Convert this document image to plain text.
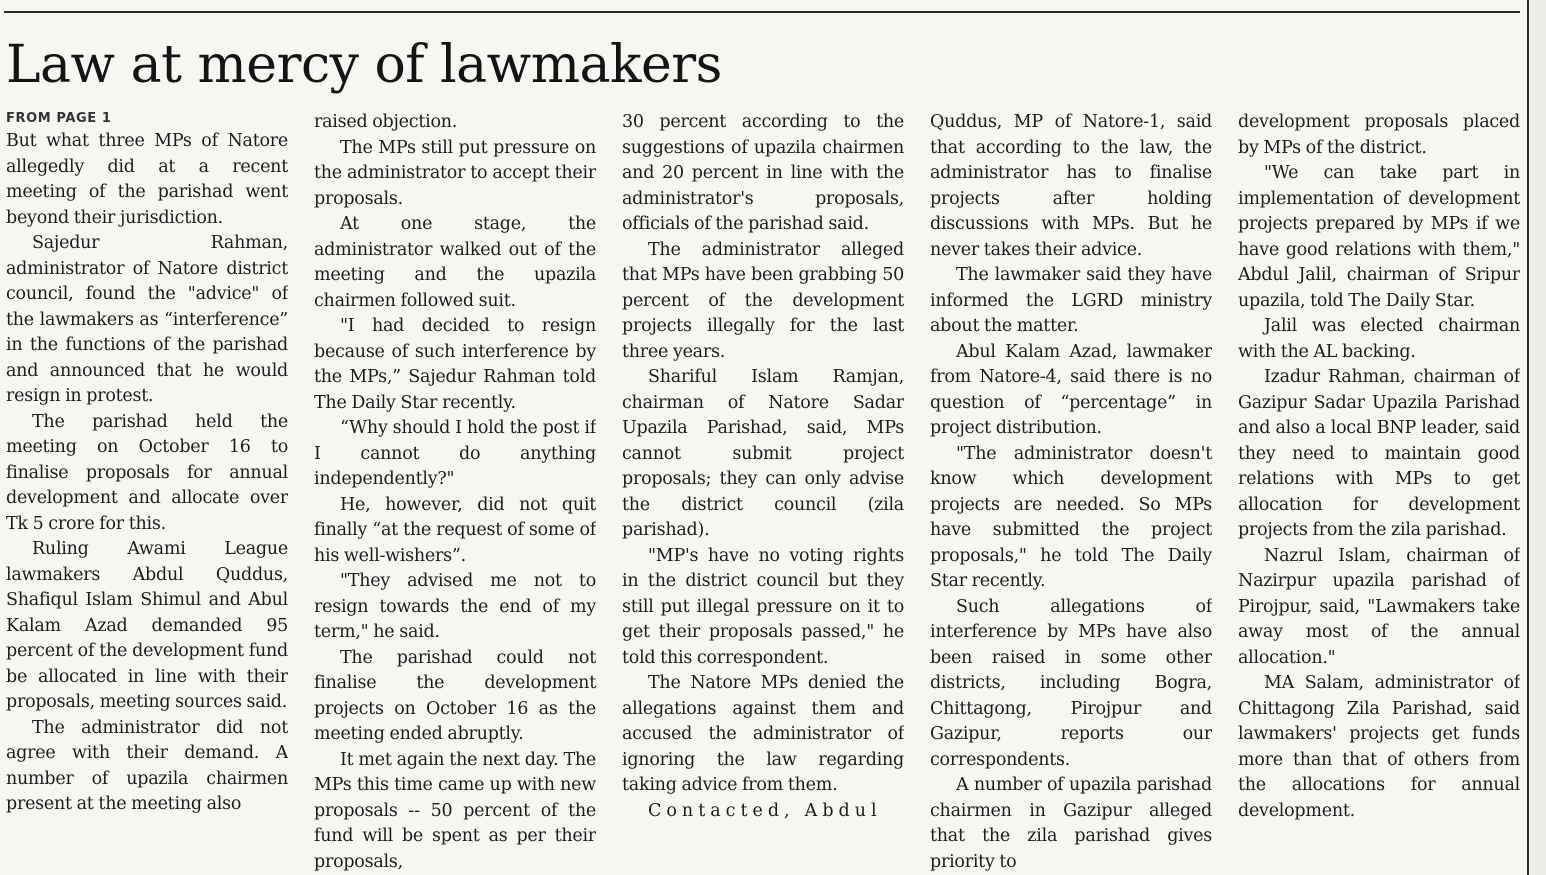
Law at mercy of lawmakers
FROM PAGE 1

But what three MPs of Natore allegedly did at a recent meeting of the parishad went beyond their jurisdiction.

Sajedur Rahman, administrator of Natore district council, found the "advice" of the lawmakers as “interference” in the functions of the parishad and announced that he would resign in protest.

The parishad held the meeting on October 16 to finalise proposals for annual development and allocate over Tk 5 crore for this.

Ruling Awami League lawmakers Abdul Quddus, Shafiqul Islam Shimul and Abul Kalam Azad demanded 95 percent of the development fund be allocated in line with their proposals, meeting sources said.

The administrator did not agree with their demand. A number of upazila chairmen present at the meeting also

raised objection.

The MPs still put pressure on the administrator to accept their proposals.

At one stage, the administrator walked out of the meeting and the upazila chairmen followed suit.

"I had decided to resign because of such interference by the MPs,” Sajedur Rahman told The Daily Star recently.

“Why should I hold the post if I cannot do anything independently?"

He, however, did not quit finally “at the request of some of his well-wishers”.

"They advised me not to resign towards the end of my term," he said.

The parishad could not finalise the development projects on October 16 as the meeting ended abruptly.

It met again the next day. The MPs this time came up with new proposals -- 50 percent of the fund will be spent as per their proposals,

30 percent according to the suggestions of upazila chairmen and 20 percent in line with the administrator's proposals, officials of the parishad said.

The administrator alleged that MPs have been grabbing 50 percent of the development projects illegally for the last three years.

Shariful Islam Ramjan, chairman of Natore Sadar Upazila Parishad, said, MPs cannot submit project proposals; they can only advise the district council (zila parishad).

"MP's have no voting rights in the district council but they still put illegal pressure on it to get their proposals passed," he told this correspondent.

The Natore MPs denied the allegations against them and accused the administrator of ignoring the law regarding taking advice from them.

Contacted, Abdul

Quddus, MP of Natore-1, said that according to the law, the administrator has to finalise projects after holding discussions with MPs. But he never takes their advice.

The lawmaker said they have informed the LGRD ministry about the matter.

Abul Kalam Azad, lawmaker from Natore-4, said there is no question of “percentage” in project distribution.

"The administrator doesn't know which development projects are needed. So MPs have submitted the project proposals," he told The Daily Star recently.

Such allegations of interference by MPs have also been raised in some other districts, including Bogra, Chittagong, Pirojpur and Gazipur, reports our correspondents.

A number of upazila parishad chairmen in Gazipur alleged that the zila parishad gives priority to

development proposals placed by MPs of the district.

"We can take part in implementation of development projects prepared by MPs if we have good relations with them," Abdul Jalil, chairman of Sripur upazila, told The Daily Star.

Jalil was elected chairman with the AL backing.

Izadur Rahman, chairman of Gazipur Sadar Upazila Parishad and also a local BNP leader, said they need to maintain good relations with MPs to get allocation for development projects from the zila parishad.

Nazrul Islam, chairman of Nazirpur upazila parishad of Pirojpur, said, "Lawmakers take away most of the annual allocation."

MA Salam, administrator of Chittagong Zila Parishad, said lawmakers' projects get funds more than that of others from the allocations for annual development.
